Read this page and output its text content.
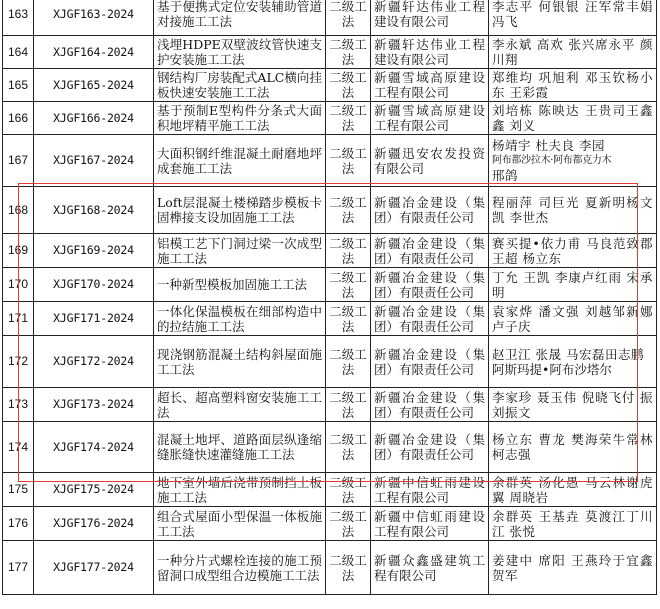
163	XJGF163-2024	基于便携式定位安装辅助管道对接施工工法	二级工法	新疆轩达伟业工程建设有限公司	李志平 何银银 汪军常丰娟 冯飞
164	XJGF164-2024	浅埋HDPE双壁波纹管快速支护安装施工工法	二级工法	新疆轩达伟业工程建设有限公司	李永斌 高欢 张兴席永平 颜川翔
165	XJGF165-2024	钢结构厂房装配式ALC横向挂板快速安装施工工法	二级工法	新疆雪域高原建设工程有限公司	郑维均 巩旭利 邓玉钦杨小东 王彩霞
166	XJGF166-2024	基于预制E型构件分条式大面积地坪精平施工工法	二级工法	新疆雪域高原建设工程有限公司	刘培栋 陈映达 王贵司王鑫鑫 刘义
167	XJGF167-2024	大面积钢纤维混凝土耐磨地坪成套施工工法	二级工法	新疆迅安农发投资有限公司	杨靖宇 杜夫良 李园
阿布都沙拉木·阿布都克力木
邢鸽

168	XJGF168-2024	Loft层混凝土楼梯踏步模板卡固榫接支设加固施工工法	二级工法	新疆冶金建设（集团）有限责任公司	程丽萍 司巨光 夏新明杨文凯 李世杰
169	XJGF169-2024	铝模工艺下门洞过梁一次成型施工工法	二级工法	新疆冶金建设（集团）有限责任公司	赛买提•依力甫 马良范致郡 王超 杨立东
170	XJGF170-2024	一种新型模板加固施工工法	二级工法	新疆冶金建设（集团）有限责任公司	丁允 王凯 李康卢红雨 宋承明
171	XJGF171-2024	一体化保温模板在细部构造中的拉结施工工法	二级工法	新疆冶金建设（集团）有限责任公司	袁家烨 潘文强 刘越邹新娜 卢子庆
172	XJGF172-2024	现浇钢筋混凝土结构斜屋面施工工法	二级工法	新疆冶金建设（集团）有限责任公司	赵卫江 张晟 马宏磊田志鹏
阿斯玛提•阿布沙塔尔

173	XJGF173-2024	超长、超高塑料窗安装施工工法	二级工法	新疆冶金建设（集团）有限责任公司	李家珍 聂玉伟 倪晓飞付 振 刘振文
174	XJGF174-2024	混凝土地坪、道路面层纵逢缩缝胀缝快速灌缝施工工法	二级工法	新疆冶金建设（集团）有限责任公司	杨立东 曹龙 樊海荣牛常林 柯志强
175	XJGF175-2024	地下室外墙后浇带预制挡土板施工工法	二级工法	新疆中信虹雨建设工程有限公司	余群英 汤化愚 马云林谢虎翼 周晓岩
176	XJGF176-2024	组合式屋面小型保温一体板施工工法	二级工法	新疆中信虹雨建设工程有限公司	余群英 王基垚 莫渡江丁川江 张悦
177	XJGF177-2024	一种分片式螺栓连接的施工预留洞口成型组合边模施工工法	二级工法	新疆众鑫盛建筑工程有限公司	姜建中 席阳 王燕玲于宜鑫 贺军
